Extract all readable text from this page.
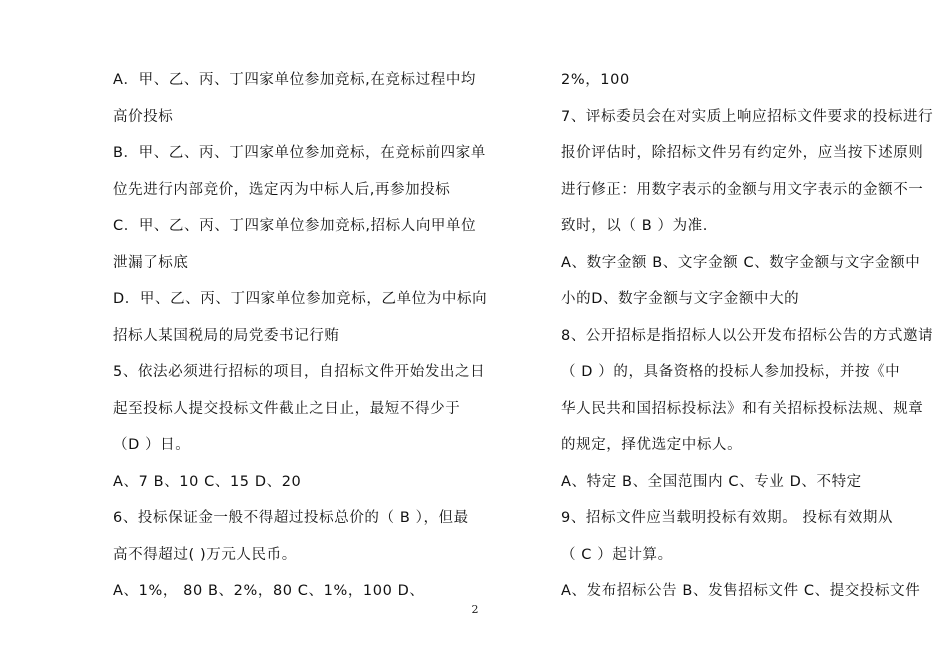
A．甲、乙、丙、丁四家单位参加竞标,在竞标过程中均
高价投标
B．甲、乙、丙、丁四家单位参加竞标，在竞标前四家单
位先进行内部竞价，选定丙为中标人后,再参加投标
C．甲、乙、丙、丁四家单位参加竞标,招标人向甲单位
泄漏了标底
D．甲、乙、丙、丁四家单位参加竞标，乙单位为中标向
招标人某国税局的局党委书记行贿
5、依法必须进行招标的项目，自招标文件开始发出之日
起至投标人提交投标文件截止之日止，最短不得少于
（D ）日。
A、7 B、10 C、15 D、20
6、投标保证金一般不得超过投标总价的（ B ），但最
高不得超过( )万元人民币。
A、1%， 80 B、2%，80 C、1%，100 D、
2%，100
7、评标委员会在对实质上响应招标文件要求的投标进行
报价评估时，除招标文件另有约定外，应当按下述原则
进行修正：用数字表示的金额与用文字表示的金额不一
致时，以（ B ）为准.
A、数字金额 B、文字金额 C、数字金额与文字金额中
小的D、数字金额与文字金额中大的
8、公开招标是指招标人以公开发布招标公告的方式邀请
（ D ）的，具备资格的投标人参加投标，并按《中
华人民共和国招标投标法》和有关招标投标法规、规章
的规定，择优选定中标人。
A、特定 B、全国范围内 C、专业 D、不特定
9、招标文件应当载明投标有效期。 投标有效期从
（ C ）起计算。
A、发布招标公告 B、发售招标文件 C、提交投标文件
2
